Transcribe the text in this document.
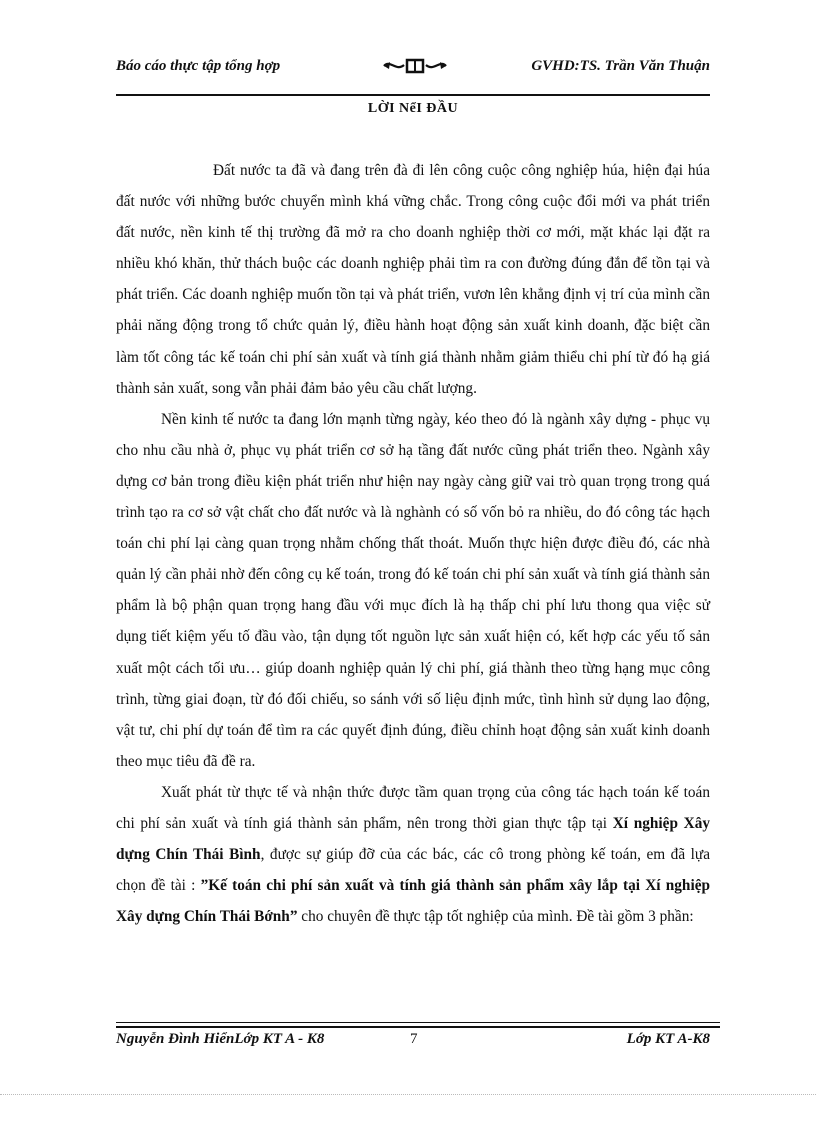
Báo cáo thực tập tổng hợp	GVHD:TS. Trần Văn Thuận
LỜI NểI ĐẦU

Đất nước ta đã và đang trên đà đi lên công cuộc công nghiệp húa, hiện đại húa đất nước với những bước chuyển mình khá vững chắc. Trong công cuộc đổi mới va phát triển đất nước, nền kinh tế thị trường đã mở ra cho doanh nghiệp thời cơ mới, mặt khác lại đặt ra nhiều khó khăn, thử thách buộc các doanh nghiệp phải tìm ra con đường đúng đắn để tồn tại và phát triển. Các doanh nghiệp muốn tồn tại và phát triển, vươn lên khẳng định vị trí của mình cần phải năng động trong tổ chức quản lý, điều hành hoạt động sản xuất kinh doanh, đặc biệt cần làm tốt công tác kế toán chi phí sản xuất và tính giá thành nhằm giảm thiểu chi phí từ đó hạ giá thành sản xuất, song vẫn phải đảm bảo yêu cầu chất lượng.

Nền kinh tế nước ta đang lớn mạnh từng ngày, kéo theo đó là ngành xây dựng - phục vụ cho nhu cầu nhà ở, phục vụ phát triển cơ sở hạ tầng đất nước cũng phát triển theo. Ngành xây dựng cơ bản trong điều kiện phát triển như hiện nay ngày càng giữ vai trò quan trọng trong quá trình tạo ra cơ sở vật chất cho đất nước và là nghành có số vốn bỏ ra nhiều, do đó công tác hạch toán chi phí lại càng quan trọng nhằm chống thất thoát. Muốn thực hiện được điều đó, các nhà quản lý cần phải nhờ đến công cụ kế toán, trong đó kế toán chi phí sản xuất và tính giá thành sản phẩm là bộ phận quan trọng hang đầu với mục đích là hạ thấp chi phí lưu thong qua việc sử dụng tiết kiệm yếu tố đầu vào, tận dụng tốt nguồn lực sản xuất hiện có, kết hợp các yếu tố sản xuất một cách tối ưu… giúp doanh nghiệp quản lý chi phí, giá thành theo từng hạng mục công trình, từng giai đoạn, từ đó đối chiếu, so sánh với số liệu định mức, tình hình sử dụng lao động, vật tư, chi phí dự toán để tìm ra các quyết định đúng, điều chỉnh hoạt động sản xuất kinh doanh theo mục tiêu đã đề ra.

Xuất phát từ thực tế và nhận thức được tầm quan trọng của công tác hạch toán kế toán chi phí sản xuất và tính giá thành sản phẩm, nên trong thời gian thực tập tại Xí nghiệp Xây dựng Chín Thái Bình, được sự giúp đỡ của các bác, các cô trong phòng kế toán, em đã lựa chọn đề tài : ”Kế toán chi phí sản xuất và tính giá thành sản phẩm xây lắp tại Xí nghiệp Xây dựng Chín Thái Bớnh” cho chuyên đề thực tập tốt nghiệp của mình. Đề tài gồm 3 phần:

Nguyễn Đình HiểnLớp KT A - K8	7	Lớp KT A-K8
